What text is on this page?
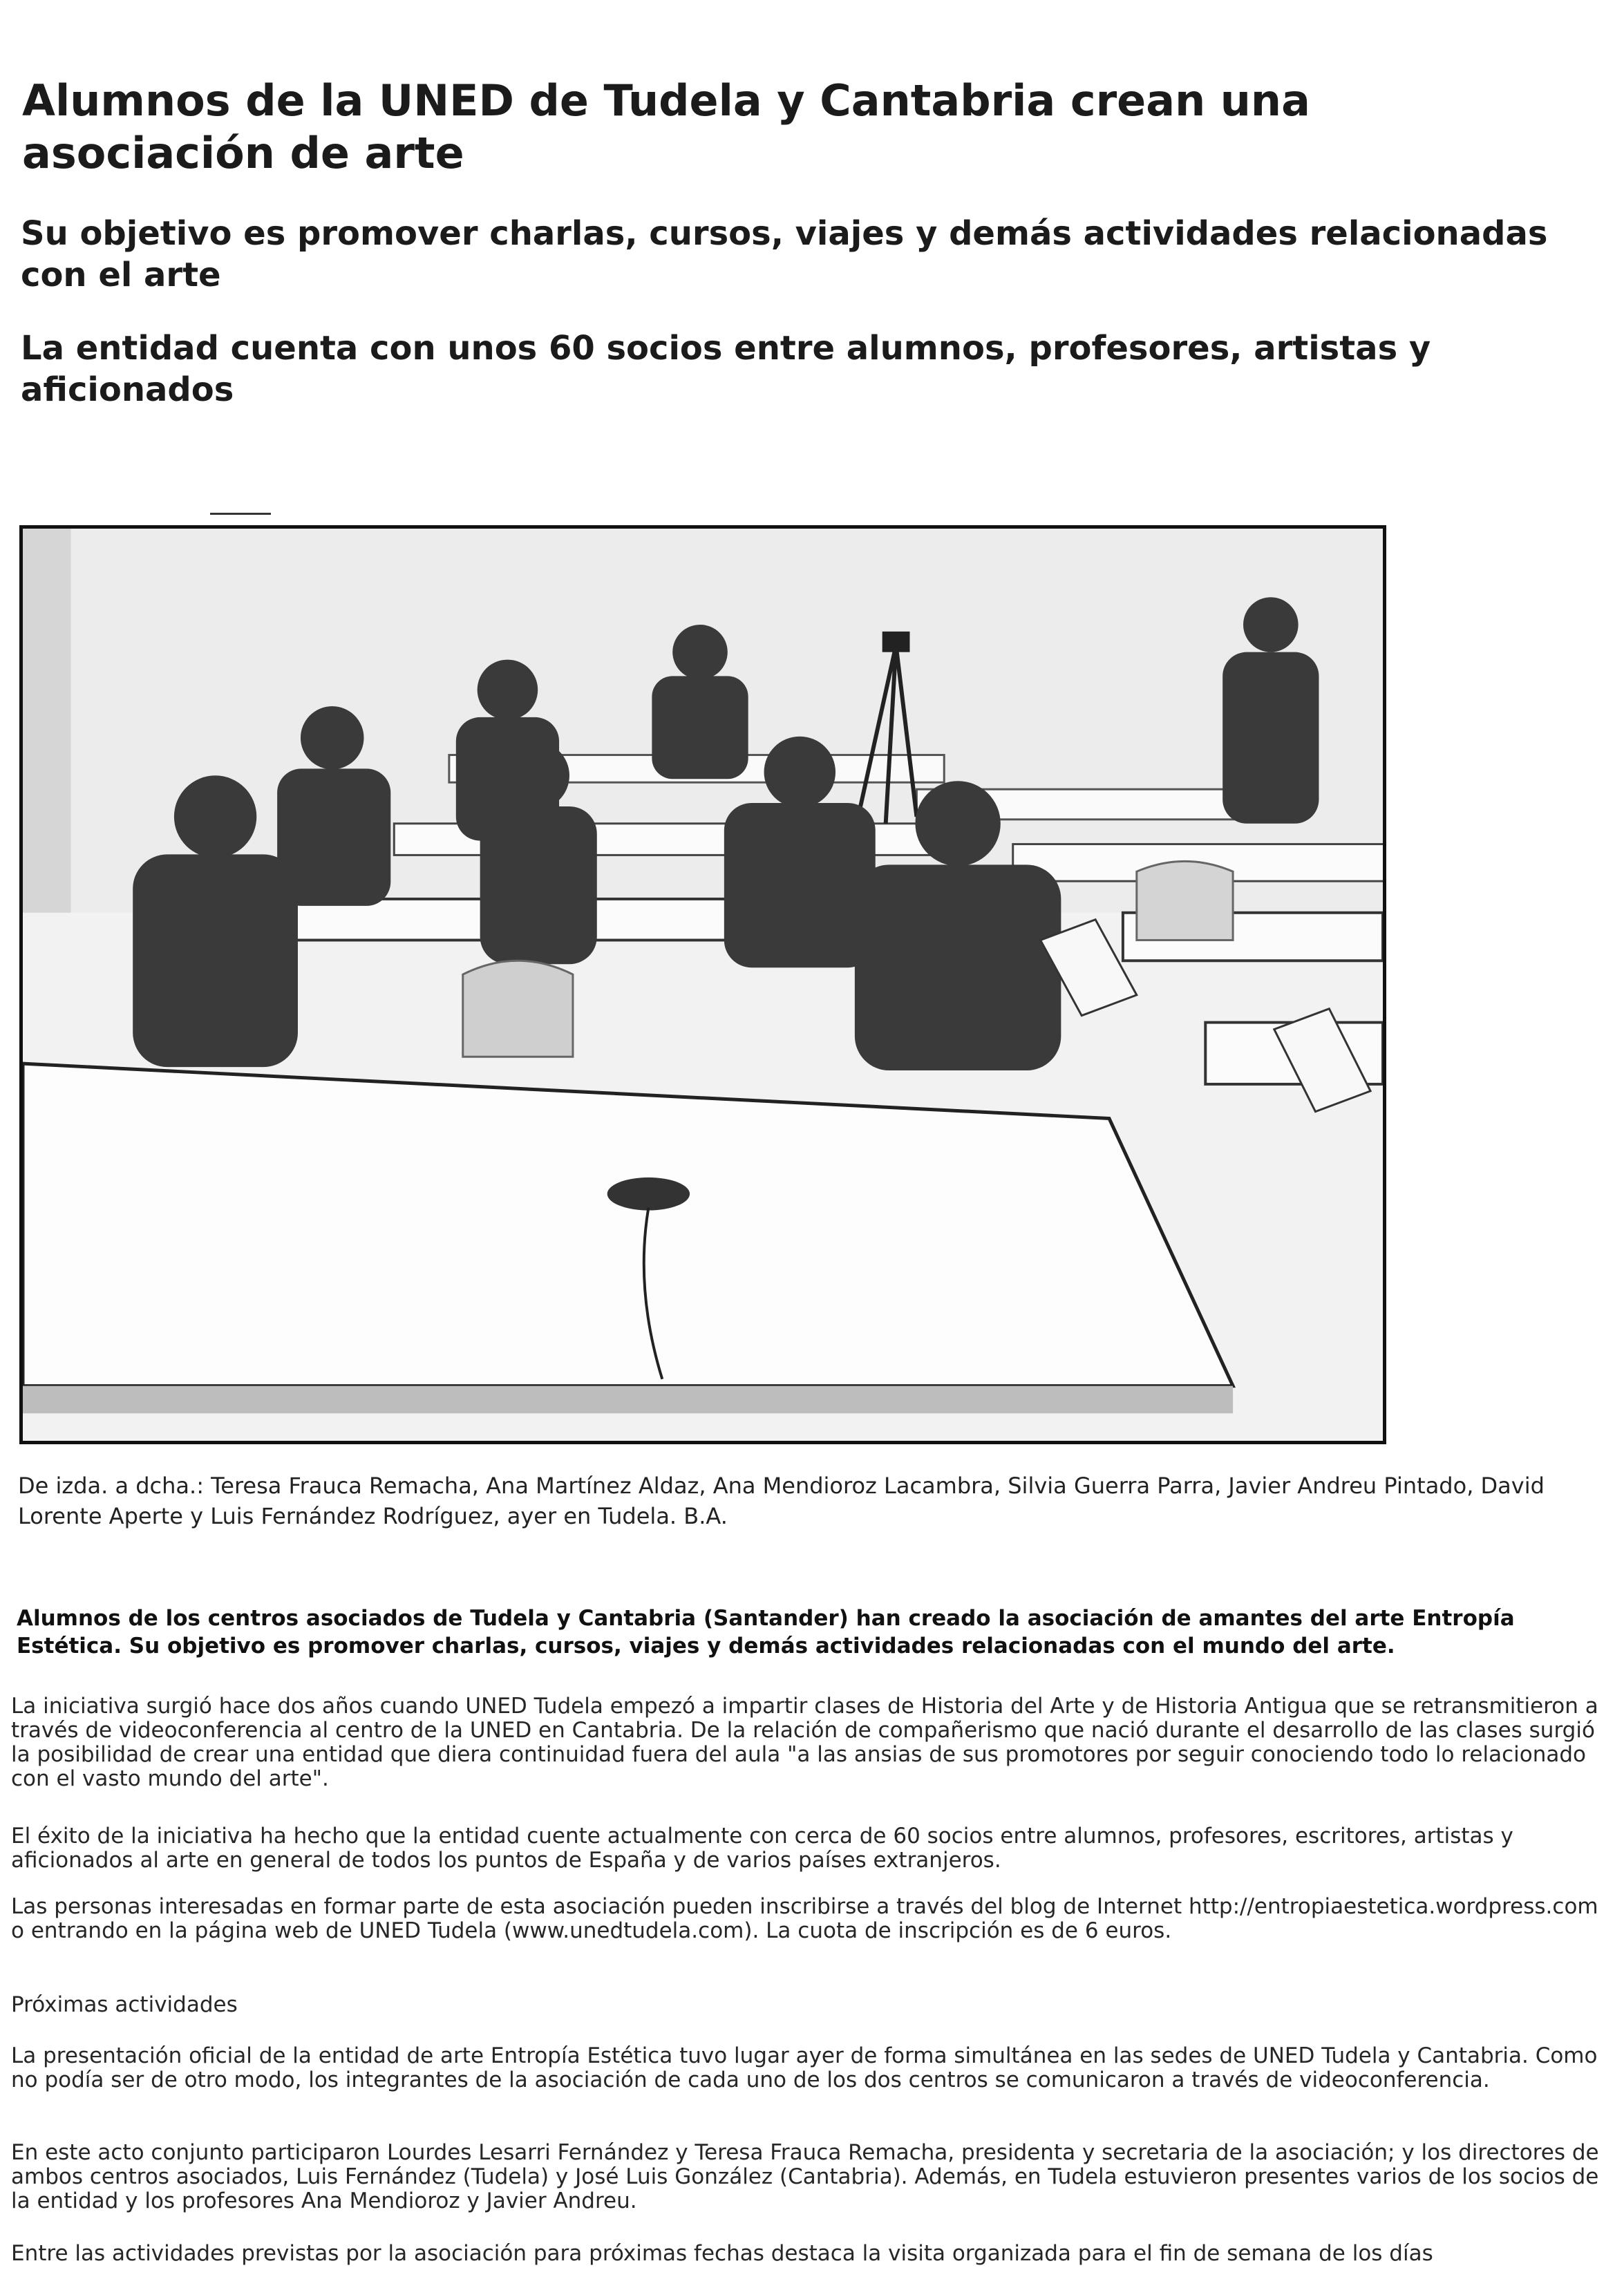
Alumnos de la UNED de Tudela y Cantabria crean una asociación de arte

Su objetivo es promover charlas, cursos, viajes y demás actividades relacionadas con el arte

La entidad cuenta con unos 60 socios entre alumnos, profesores, artistas y aficionados

De izda. a dcha.: Teresa Frauca Remacha, Ana Martínez Aldaz, Ana Mendioroz Lacambra, Silvia Guerra Parra, Javier Andreu Pintado, David Lorente Aperte y Luis Fernández Rodríguez, ayer en Tudela. B.A.

Alumnos de los centros asociados de Tudela y Cantabria (Santander) han creado la asociación de amantes del arte Entropía Estética. Su objetivo es promover charlas, cursos, viajes y demás actividades relacionadas con el mundo del arte.

La iniciativa surgió hace dos años cuando UNED Tudela empezó a impartir clases de Historia del Arte y de Historia Antigua que se retransmitieron a través de videoconferencia al centro de la UNED en Cantabria. De la relación de compañerismo que nació durante el desarrollo de las clases surgió la posibilidad de crear una entidad que diera continuidad fuera del aula "a las ansias de sus promotores por seguir conociendo todo lo relacionado con el vasto mundo del arte".

El éxito de la iniciativa ha hecho que la entidad cuente actualmente con cerca de 60 socios entre alumnos, profesores, escritores, artistas y aficionados al arte en general de todos los puntos de España y de varios países extranjeros.

Las personas interesadas en formar parte de esta asociación pueden inscribirse a través del blog de Internet http://entropiaestetica.wordpress.com o entrando en la página web de UNED Tudela (www.unedtudela.com). La cuota de inscripción es de 6 euros.

Próximas actividades

La presentación oficial de la entidad de arte Entropía Estética tuvo lugar ayer de forma simultánea en las sedes de UNED Tudela y Cantabria. Como no podía ser de otro modo, los integrantes de la asociación de cada uno de los dos centros se comunicaron a través de videoconferencia.

En este acto conjunto participaron Lourdes Lesarri Fernández y Teresa Frauca Remacha, presidenta y secretaria de la asociación; y los directores de ambos centros asociados, Luis Fernández (Tudela) y José Luis González (Cantabria). Además, en Tudela estuvieron presentes varios de los socios de la entidad y los profesores Ana Mendioroz y Javier Andreu.

Entre las actividades previstas por la asociación para próximas fechas destaca la visita organizada para el fin de semana de los días
